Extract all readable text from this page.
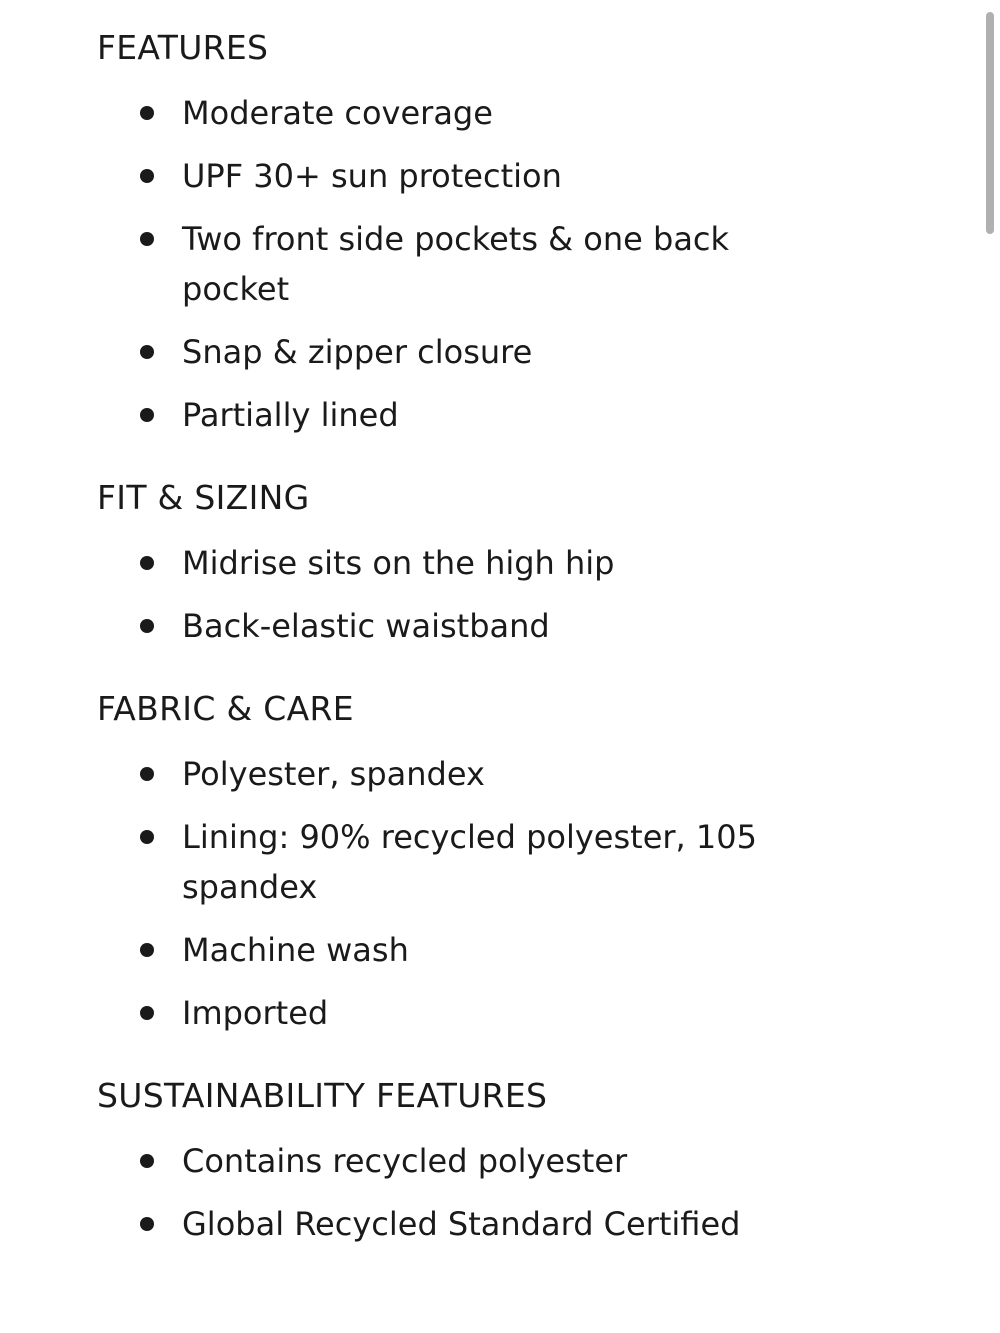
FEATURES
Moderate coverage
UPF 30+ sun protection
Two front side pockets & one back pocket
Snap & zipper closure
Partially lined
FIT & SIZING
Midrise sits on the high hip
Back-elastic waistband
FABRIC & CARE
Polyester, spandex
Lining: 90% recycled polyester, 105 spandex
Machine wash
Imported
SUSTAINABILITY FEATURES
Contains recycled polyester
Global Recycled Standard Certified
